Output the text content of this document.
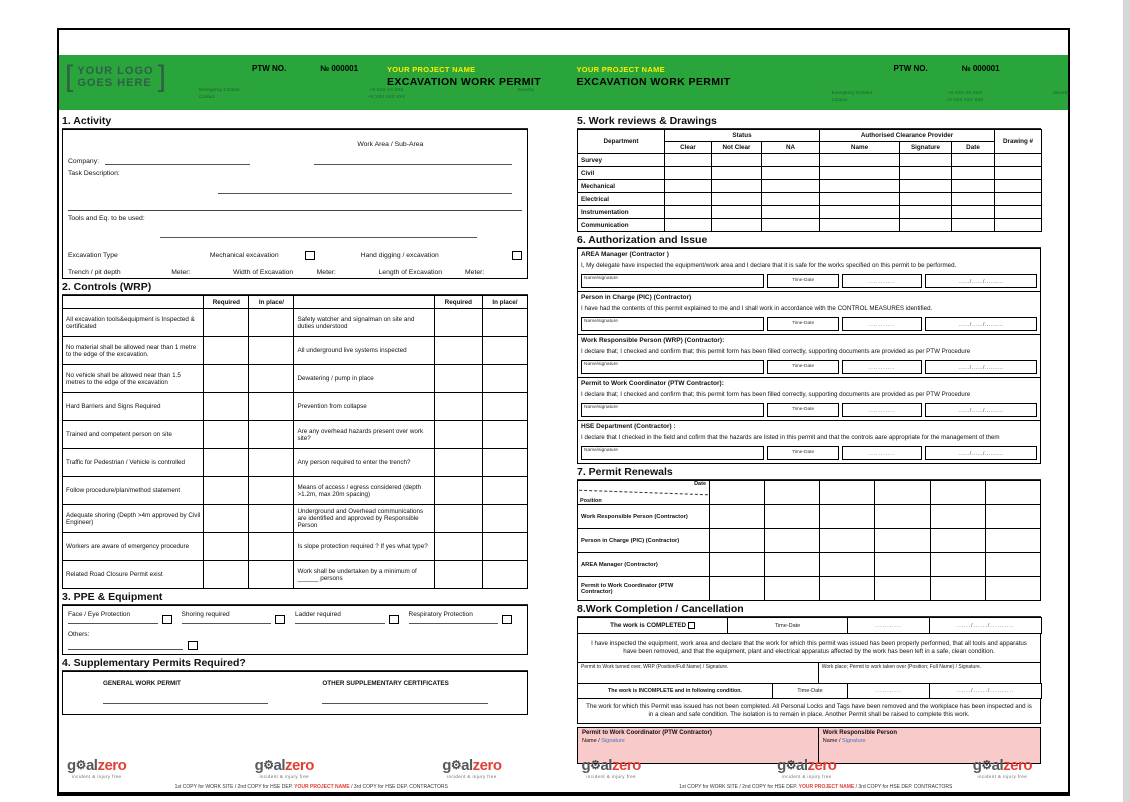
[ YOUR LOGO
GOES HERE ]	PTW NO.	№ 000001
Emergency Contact :	+X XXX XX XXX	Security
Contact :	+X XXX XXX XXX
YOUR PROJECT NAME
EXCAVATION WORK PERMIT
YOUR PROJECT NAME
EXCAVATION WORK PERMIT
PTW NO.	№ 000001
Emergency Contact :	+X XXX XX XXX	Security
Contact :	+X XXX XXX XXX
1. Activity
Company:
Work Area / Sub-Area
Task Description:
Tools and Eq. to be used:
Excavation Type	Mechanical excavation	Hand digging / excavation
Trench / pit depth	Meter:	Width of Excavation	Meter:	Length of Excavation	Meter:
2. Controls (WRP)
	Required	In place/		Required	In place/
All excavation tools&equipment is Inspected & certificated			Safety watcher and signalman on site and duties understood		
No material shall be allowed near than 1 metre to the edge of the excavation.			All underground live systems inspected		
No vehicle shall be allowed near than 1.5 metres to the edge of the excavation			Dewatering / pump in place		
Hard Barriers and Signs Required			Prevention from collapse		
Trained and competent person on site			Are any overhead hazards present over work site?		
Traffic for Pedestrian / Vehicle is controlled			Any person required to enter the trench?		
Follow procedure/plan/method statement			Means of access / egress considered (depth >1.2m, max 20m spacing)		
Adequate shoring (Depth >4m approved by Civil Engineer)			Underground and Overhead communications are identified and approved by Responsible Person		
Workers are aware of emergency procedure			Is slope protection required ? If yes what type?		
Related Road Closure Permit exist			Work shall be undertaken by a minimum of ______ persons		
3. PPE & Equipment
Face / Eye Protection	Shoring required	Ladder required	Respiratory Protection
Others:
4. Supplementary Permits Required?
GENERAL WORK PERMIT	OTHER SUPPLEMENTARY CERTIFICATES
5. Work reviews & Drawings
Department	Status			Authorised Clearance Provider			Drawing #
	Clear	Not Clear	NA	Name	Signature	Date	
Survey							
Civil							
Mechanical							
Electrical							
Instrumentation							
Communication							
6. Authorization and Issue
AREA Manager (Contractor )
I, My delegate have inspected the equipment/work area and I declare that it is safe for the works specified on this permit to be performed.
Name/signature	Time-Date	...........	....../....../..........
Person in Charge (PIC) (Contractor)
I have had the contents of this permit explained to me and I shall work in accordance with the CONTROL MEASURES identified.
Name/signature	Time-Date	...........	....../....../..........
Work Responsible Person (WRP) (Contractor):
I declare that; I checked and confirm that; this permit form has been filled correctly, supporting documents are provided as per PTW Procedure
Name/signature	Time-Date	...........	....../....../..........
Permit to Work Coordinator (PTW Contractor):
I declare that; I checked and confirm that; this permit form has been filled correctly, supporting documents are provided as per PTW Procedure
Name/signature	Time-Date	...........	....../....../..........
HSE Department (Contractor) :
I declare that I checked in the field and cofirm that the hazards are listed in this permit and that the controls aare appropriate for the management of them
Name/signature	Time-Date	...........	....../....../..........
7. Permit Renewals
Date
Position						

Work Responsible Person (Contractor)						
Person in Charge (PIC) (Contractor)						
AREA Manager (Contractor)						
Permit to Work Coordinator (PTW Contractor)						
8.Work Completion / Cancellation
The work is COMPLETED	Time-Date	...........	....../....../..........
I have inspected the equipment, work area and declare that the work for which this permit was issued has been properly performed, that all tools and apparatus have been removed, and that the equipment, plant and electrical apparatus affected by the work has been left in a safe, clean condition.
Permit to Work turned over, WRP (Position/Full Name) / Signature.	Work place; Permit to work taken over (Position; Full Name) / Signature.
The work is INCOMPLETE and in following condition.	Time-Date	...........	....../....../..........
The work for which this Permit was issued has not been completed. All Personal Locks and Tags have been removed and the workplace has been inspected and is in a clean and safe condition. The isolation is to remain in place. Another Permit shall be raised to complete this work.
Permit to Work Coordinator (PTW Contractor)
Name / Signature

Work Responsible Person
Name / Signature
g⚙alzero
incident & injury free
g⚙alzero
incident & injury free
g⚙alzero
incident & injury free
1st COPY for WORK SITE / 2nd COPY for HSE DEP. YOUR PROJECT NAME / 3rd COPY for HSE DEP. CONTRACTORS
g⚙alzero
incident & injury free
g⚙alzero
incident & injury free
g⚙alzero
incident & injury free
1st COPY for WORK SITE / 2nd COPY for HSE DEP. YOUR PROJECT NAME / 3rd COPY for HSE DEP. CONTRACTORS
